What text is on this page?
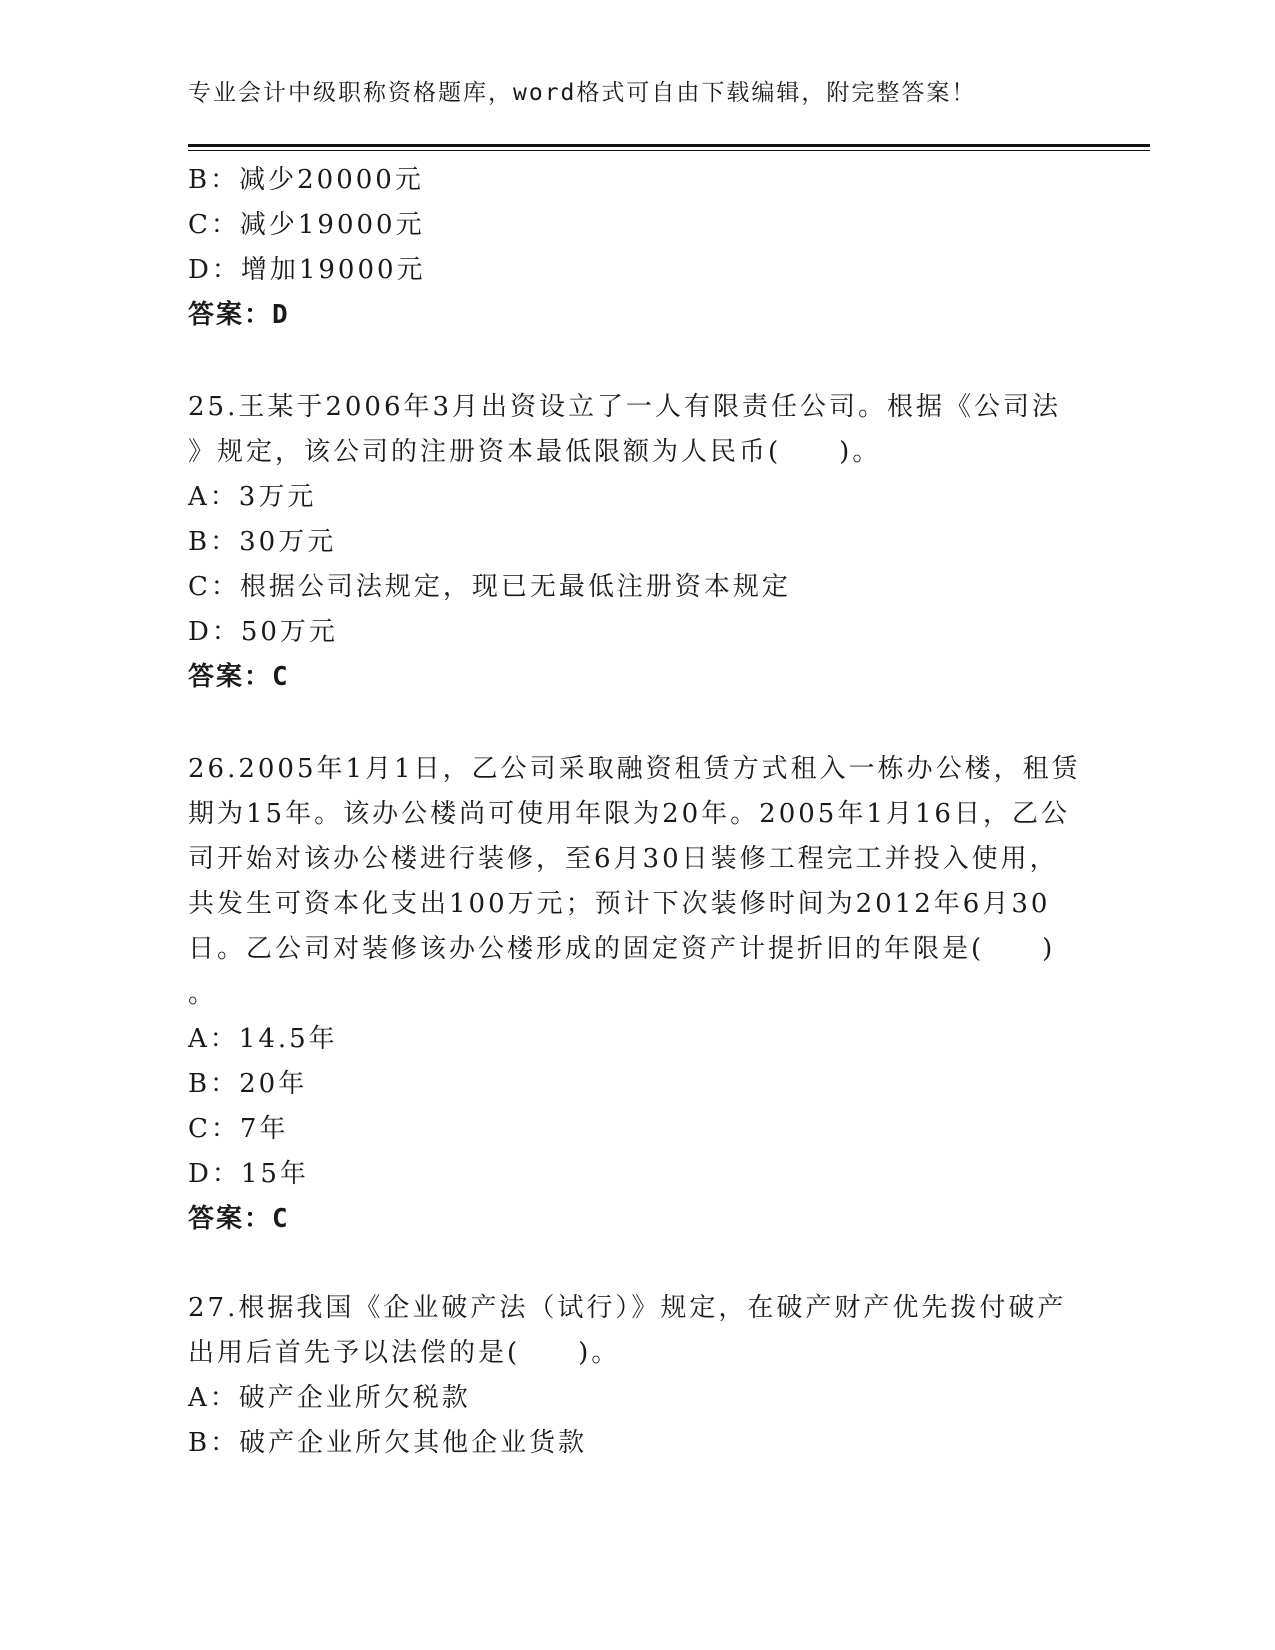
专业会计中级职称资格题库，word格式可自由下载编辑，附完整答案！
B：减少20000元
C：减少19000元
D：增加19000元
答案：D
25.王某于2006年3月出资设立了一人有限责任公司。根据《公司法
》规定，该公司的注册资本最低限额为人民币(　　)。
A：3万元
B：30万元
C：根据公司法规定，现已无最低注册资本规定
D：50万元
答案：C
26.2005年1月1日，乙公司采取融资租赁方式租入一栋办公楼，租赁
期为15年。该办公楼尚可使用年限为20年。2005年1月16日，乙公
司开始对该办公楼进行装修，至6月30日装修工程完工并投入使用，
共发生可资本化支出100万元；预计下次装修时间为2012年6月30
日。乙公司对装修该办公楼形成的固定资产计提折旧的年限是(　　)
。
A：14.5年
B：20年
C：7年
D：15年
答案：C
27.根据我国《企业破产法（试行）》规定，在破产财产优先拨付破产
出用后首先予以法偿的是(　　)。
A：破产企业所欠税款
B：破产企业所欠其他企业货款
